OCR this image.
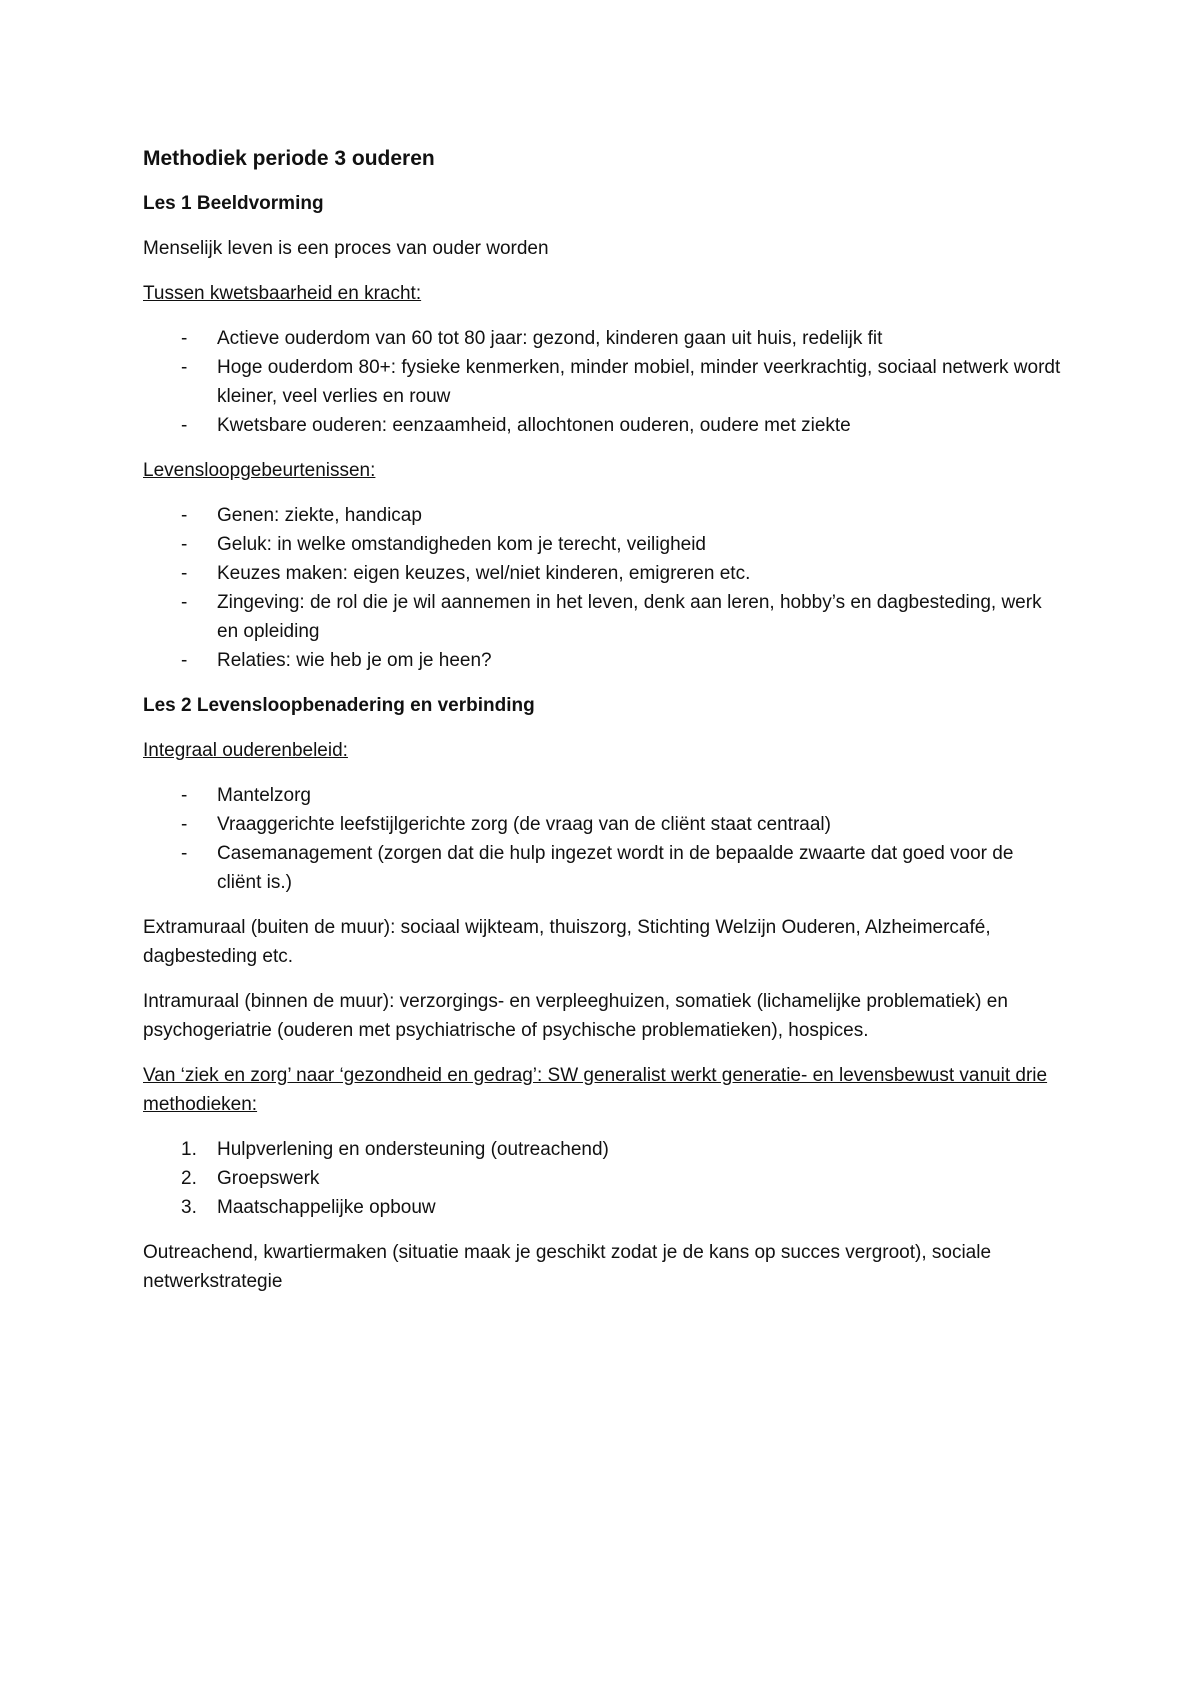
Methodiek periode 3 ouderen
Les 1 Beeldvorming

Menselijk leven is een proces van ouder worden

Tussen kwetsbaarheid en kracht:
- Actieve ouderdom van 60 tot 80 jaar: gezond, kinderen gaan uit huis, redelijk fit
- Hoge ouderdom 80+: fysieke kenmerken, minder mobiel, minder veerkrachtig, sociaal netwerk wordt kleiner, veel verlies en rouw
- Kwetsbare ouderen: eenzaamheid, allochtonen ouderen, oudere met ziekte
Levensloopgebeurtenissen:
- Genen: ziekte, handicap
- Geluk: in welke omstandigheden kom je terecht, veiligheid
- Keuzes maken: eigen keuzes, wel/niet kinderen, emigreren etc.
- Zingeving: de rol die je wil aannemen in het leven, denk aan leren, hobby’s en dagbesteding, werk en opleiding
- Relaties: wie heb je om je heen?
Les 2 Levensloopbenadering en verbinding
Integraal ouderenbeleid:
- Mantelzorg
- Vraaggerichte leefstijlgerichte zorg (de vraag van de cliënt staat centraal)
- Casemanagement (zorgen dat die hulp ingezet wordt in de bepaalde zwaarte dat goed voor de cliënt is.)

Extramuraal (buiten de muur): sociaal wijkteam, thuiszorg, Stichting Welzijn Ouderen, Alzheimercafé, dagbesteding etc.

Intramuraal (binnen de muur): verzorgings- en verpleeghuizen, somatiek (lichamelijke problematiek) en psychogeriatrie (ouderen met psychiatrische of psychische problematieken), hospices.

Van ‘ziek en zorg’ naar ‘gezondheid en gedrag’: SW generalist werkt generatie- en levensbewust vanuit drie methodieken:
1. Hulpverlening en ondersteuning (outreachend)
2. Groepswerk
3. Maatschappelijke opbouw

Outreachend, kwartiermaken (situatie maak je geschikt zodat je de kans op succes vergroot), sociale netwerkstrategie
